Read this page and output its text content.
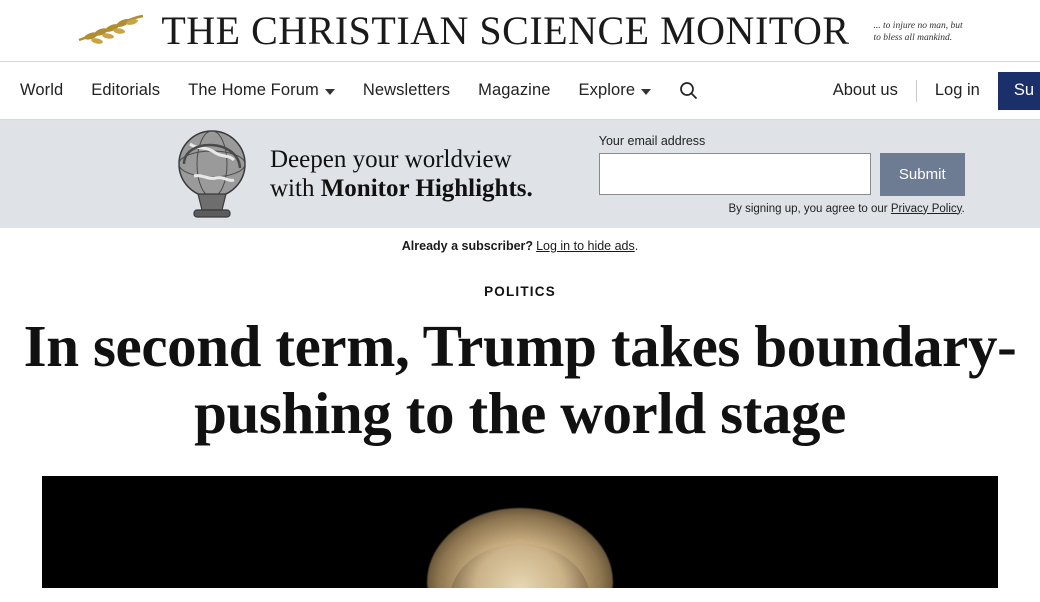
THE CHRISTIAN SCIENCE MONITOR	... to injure no man, but
to bless all mankind.
World Editorials The Home Forum	Newsletters Magazine Explore	About us	Log in	Su
Deepen your worldview
with Monitor Highlights.
Your email address
Submit
By signing up, you agree to our Privacy Policy.
Already a subscriber? Log in to hide ads .
POLITICS
In second term, Trump takes boundary-pushing to the world stage
